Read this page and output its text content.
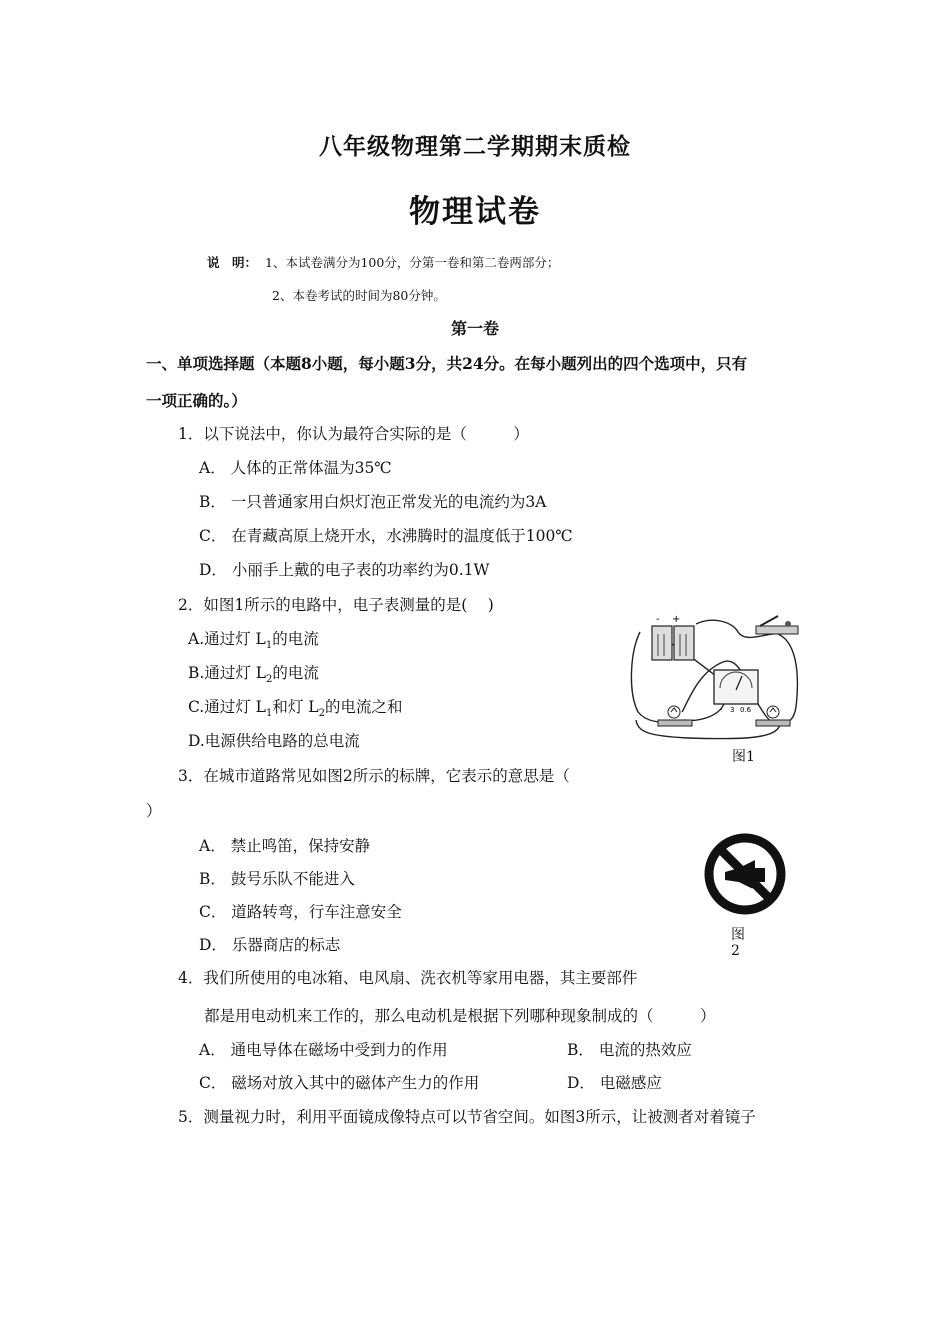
八年级物理第二学期期末质检
物理试卷
说　明： 1、本试卷满分为100分，分第一卷和第二卷两部分；
2、本卷考试的时间为80分钟。
第一卷
一、单项选择题（本题8小题，每小题3分，共24分。在每小题列出的四个选项中，只有
一项正确的。）
1．以下说法中，你认为最符合实际的是（　　　）
A． 人体的正常体温为35℃
B． 一只普通家用白炽灯泡正常发光的电流约为3A
C． 在青藏高原上烧开水，水沸腾时的温度低于100℃
D． 小丽手上戴的电子表的功率约为0.1W
2．如图1所示的电路中，电子表测量的是(　 )
A.通过灯 $L_1$的电流
B.通过灯 $L_2$的电流
C.通过灯 $L_1$和灯 $L_2$的电流之和
D.电源供给电路的总电流
- +
- 3 0.6
图1
3．在城市道路常见如图2所示的标牌，它表示的意思是（
）
A． 禁止鸣笛，保持安静
B． 鼓号乐队不能进入
C． 道路转弯，行车注意安全
D． 乐器商店的标志
图
2
4．我们所使用的电冰箱、电风扇、洗衣机等家用电器，其主要部件
都是用电动机来工作的，那么电动机是根据下列哪种现象制成的（　　　）
A． 通电导体在磁场中受到力的作用	B． 电流的热效应
C． 磁场对放入其中的磁体产生力的作用	D． 电磁感应
5．测量视力时，利用平面镜成像特点可以节省空间。如图3所示，让被测者对着镜子
